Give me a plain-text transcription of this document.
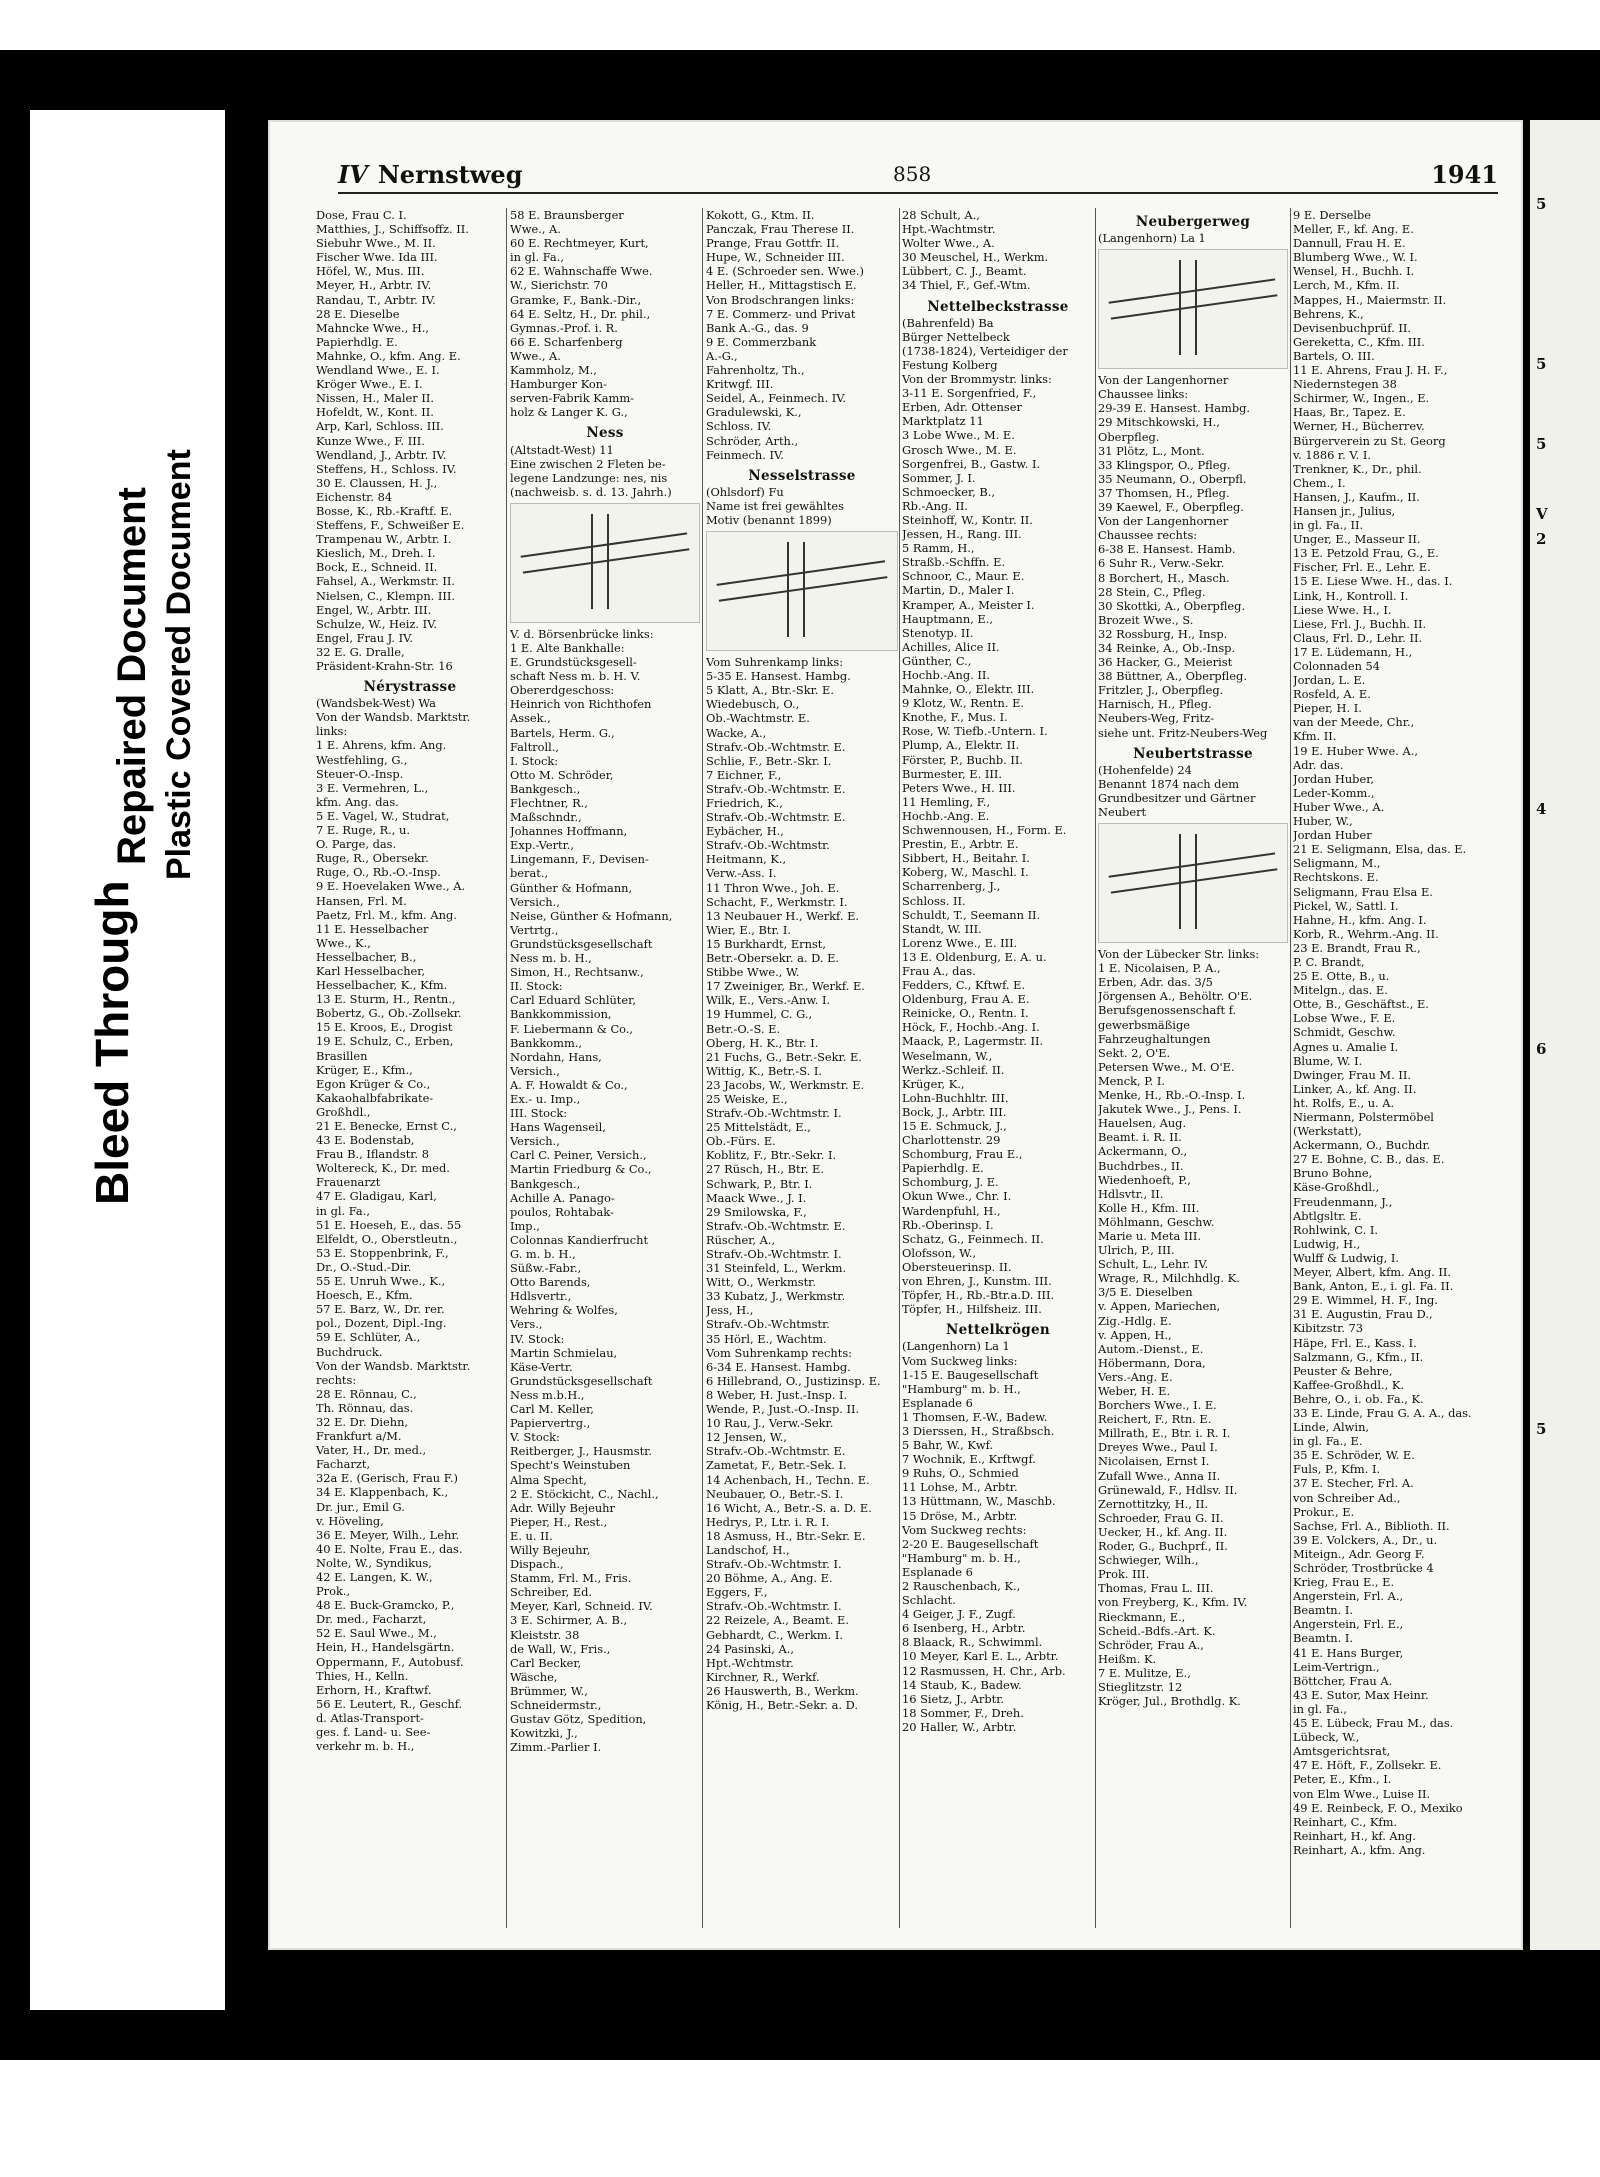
Bleed Through
Repaired Document Plastic Covered Document
5
5
5
V
2
4
6
5
IV Nernstweg	858	1941
Dose, Frau C. I.
Matthies, J., Schiffsoffz. II.
Siebuhr Wwe., M. II.
Fischer Wwe. Ida III.
Höfel, W., Mus. III.
Meyer, H., Arbtr. IV.
Randau, T., Arbtr. IV.
28 E. Dieselbe
Mahncke Wwe., H.,
Papierhdlg. E.
Mahnke, O., kfm. Ang. E.
Wendland Wwe., E. I.
Kröger Wwe., E. I.
Nissen, H., Maler II.
Hofeldt, W., Kont. II.
Arp, Karl, Schloss. III.
Kunze Wwe., F. III.
Wendland, J., Arbtr. IV.
Steffens, H., Schloss. IV.
30 E. Claussen, H. J.,
Eichenstr. 84
Bosse, K., Rb.-Kraftf. E.
Steffens, F., Schweißer E.
Trampenau W., Arbtr. I.
Kieslich, M., Dreh. I.
Bock, E., Schneid. II.
Fahsel, A., Werkmstr. II.
Nielsen, C., Klempn. III.
Engel, W., Arbtr. III.
Schulze, W., Heiz. IV.
Engel, Frau J. IV.
32 E. G. Dralle,
Präsident-Krahn-Str. 16
Nérystrasse
(Wandsbek-West) Wa
Von der Wandsb. Marktstr.
links:
1 E. Ahrens, kfm. Ang.
Westfehling, G.,
Steuer-O.-Insp.
3 E. Vermehren, L.,
kfm. Ang. das.
5 E. Vagel, W., Studrat,
7 E. Ruge, R., u.
O. Parge, das.
Ruge, R., Obersekr.
Ruge, O., Rb.-O.-Insp.
9 E. Hoevelaken Wwe., A.
Hansen, Frl. M.
Paetz, Frl. M., kfm. Ang.
11 E. Hesselbacher
Wwe., K.,
Hesselbacher, B.,
Karl Hesselbacher,
Hesselbacher, K., Kfm.
13 E. Sturm, H., Rentn.,
Bobertz, G., Ob.-Zollsekr.
15 E. Kroos, E., Drogist
19 E. Schulz, C., Erben,
Brasillen
Krüger, E., Kfm.,
Egon Krüger & Co.,
Kakaohalbfabrikate-
Großhdl.,
21 E. Benecke, Ernst C.,
43 E. Bodenstab,
Frau B., Iflandstr. 8
Woltereck, K., Dr. med.
Frauenarzt
47 E. Gladigau, Karl,
in gl. Fa.,
51 E. Hoeseh, E., das. 55
Elfeldt, O., Oberstleutn.,
53 E. Stoppenbrink, F.,
Dr., O.-Stud.-Dir.
55 E. Unruh Wwe., K.,
Hoesch, E., Kfm.
57 E. Barz, W., Dr. rer.
pol., Dozent, Dipl.-Ing.
59 E. Schlüter, A.,
Buchdruck.
Von der Wandsb. Marktstr.
rechts:
28 E. Rönnau, C.,
Th. Rönnau, das.
32 E. Dr. Diehn,
Frankfurt a/M.
Vater, H., Dr. med.,
Facharzt,
32a E. (Gerisch, Frau F.)
34 E. Klappenbach, K.,
Dr. jur., Emil G.
v. Höveling,
36 E. Meyer, Wilh., Lehr.
40 E. Nolte, Frau E., das.
Nolte, W., Syndikus,
42 E. Langen, K. W.,
Prok.,
48 E. Buck-Gramcko, P.,
Dr. med., Facharzt,
52 E. Saul Wwe., M.,
Hein, H., Handelsgärtn.
Oppermann, F., Autobusf.
Thies, H., Kelln.
Erhorn, H., Kraftwf.
56 E. Leutert, R., Geschf.
d. Atlas-Transport-
ges. f. Land- u. See-
verkehr m. b. H.,
58 E. Braunsberger
Wwe., A.
60 E. Rechtmeyer, Kurt,
in gl. Fa.,
62 E. Wahnschaffe Wwe.
W., Sierichstr. 70
Gramke, F., Bank.-Dir.,
64 E. Seltz, H., Dr. phil.,
Gymnas.-Prof. i. R.
66 E. Scharfenberg
Wwe., A.
Kammholz, M.,
Hamburger Kon-
serven-Fabrik Kamm-
holz & Langer K. G.,
Ness
(Altstadt-West) 11
Eine zwischen 2 Fleten be-
legene Landzunge: nes, nis
(nachweisb. s. d. 13. Jahrh.)
V. d. Börsenbrücke links:
1 E. Alte Bankhalle:
E. Grundstücksgesell-
schaft Ness m. b. H. V.
Obererdgeschoss:
Heinrich von Richthofen
Assek.,
Bartels, Herm. G.,
Faltroll.,
I. Stock:
Otto M. Schröder,
Bankgesch.,
Flechtner, R.,
Maßschndr.,
Johannes Hoffmann,
Exp.-Vertr.,
Lingemann, F., Devisen-
berat.,
Günther & Hofmann,
Versich.,
Neise, Günther & Hofmann,
Vertrtg.,
Grundstücksgesellschaft
Ness m. b. H.,
Simon, H., Rechtsanw.,
II. Stock:
Carl Eduard Schlüter,
Bankkommission,
F. Liebermann & Co.,
Bankkomm.,
Nordahn, Hans,
Versich.,
A. F. Howaldt & Co.,
Ex.- u. Imp.,
III. Stock:
Hans Wagenseil,
Versich.,
Carl C. Peiner, Versich.,
Martin Friedburg & Co.,
Bankgesch.,
Achille A. Panago-
poulos, Rohtabak-
Imp.,
Colonnas Kandierfrucht
G. m. b. H.,
Süßw.-Fabr.,
Otto Barends,
Hdlsvertr.,
Wehring & Wolfes,
Vers.,
IV. Stock:
Martin Schmielau,
Käse-Vertr.
Grundstücksgesellschaft
Ness m.b.H.,
Carl M. Keller,
Papiervertrg.,
V. Stock:
Reitberger, J., Hausmstr.
Specht's Weinstuben
Alma Specht,
2 E. Stöckicht, C., Nachl.,
Adr. Willy Bejeuhr
Pieper, H., Rest.,
E. u. II.
Willy Bejeuhr,
Dispach.,
Stamm, Frl. M., Fris.
Schreiber, Ed.
Meyer, Karl, Schneid. IV.
3 E. Schirmer, A. B.,
Kleiststr. 38
de Wall, W., Fris.,
Carl Becker,
Wäsche,
Brümmer, W.,
Schneidermstr.,
Gustav Götz, Spedition,
Kowitzki, J.,
Zimm.-Parlier I.
Kokott, G., Ktm. II.
Panczak, Frau Therese II.
Prange, Frau Gottfr. II.
Hupe, W., Schneider III.
4 E. (Schroeder sen. Wwe.)
Heller, H., Mittagstisch E.
Von Brodschrangen links:
7 E. Commerz- und Privat
Bank A.-G., das. 9
9 E. Commerzbank
A.-G.,
Fahrenholtz, Th.,
Kritwgf. III.
Seidel, A., Feinmech. IV.
Gradulewski, K.,
Schloss. IV.
Schröder, Arth.,
Feinmech. IV.
Nesselstrasse
(Ohlsdorf) Fu
Name ist frei gewähltes
Motiv (benannt 1899)
Vom Suhrenkamp links:
5-35 E. Hansest. Hambg.
5 Klatt, A., Btr.-Skr. E.
Wiedebusch, O.,
Ob.-Wachtmstr. E.
Wacke, A.,
Strafv.-Ob.-Wchtmstr. E.
Schlie, F., Betr.-Skr. I.
7 Eichner, F.,
Strafv.-Ob.-Wchtmstr. E.
Friedrich, K.,
Strafv.-Ob.-Wchtmstr. E.
Eybächer, H.,
Strafv.-Ob.-Wchtmstr.
Heitmann, K.,
Verw.-Ass. I.
11 Thron Wwe., Joh. E.
Schacht, F., Werkmstr. I.
13 Neubauer H., Werkf. E.
Wier, E., Btr. I.
15 Burkhardt, Ernst,
Betr.-Obersekr. a. D. E.
Stibbe Wwe., W.
17 Zweiniger, Br., Werkf. E.
Wilk, E., Vers.-Anw. I.
19 Hummel, C. G.,
Betr.-O.-S. E.
Oberg, H. K., Btr. I.
21 Fuchs, G., Betr.-Sekr. E.
Wittig, K., Betr.-S. I.
23 Jacobs, W., Werkmstr. E.
25 Weiske, E.,
Strafv.-Ob.-Wchtmstr. I.
25 Mittelstädt, E.,
Ob.-Fürs. E.
Koblitz, F., Btr.-Sekr. I.
27 Rüsch, H., Btr. E.
Schwark, P., Btr. I.
Maack Wwe., J. I.
29 Smilowska, F.,
Strafv.-Ob.-Wchtmstr. E.
Rüscher, A.,
Strafv.-Ob.-Wchtmstr. I.
31 Steinfeld, L., Werkm.
Witt, O., Werkmstr.
33 Kubatz, J., Werkmstr.
Jess, H.,
Strafv.-Ob.-Wchtmstr.
35 Hörl, E., Wachtm.
Vom Suhrenkamp rechts:
6-34 E. Hansest. Hambg.
6 Hillebrand, O., Justizinsp. E.
8 Weber, H. Just.-Insp. I.
Wende, P., Just.-O.-Insp. II.
10 Rau, J., Verw.-Sekr.
12 Jensen, W.,
Strafv.-Ob.-Wchtmstr. E.
Zametat, F., Betr.-Sek. I.
14 Achenbach, H., Techn. E.
Neubauer, O., Betr.-S. I.
16 Wicht, A., Betr.-S. a. D. E.
Hedrys, P., Ltr. i. R. I.
18 Asmuss, H., Btr.-Sekr. E.
Landschof, H.,
Strafv.-Ob.-Wchtmstr. I.
20 Böhme, A., Ang. E.
Eggers, F.,
Strafv.-Ob.-Wchtmstr. I.
22 Reizele, A., Beamt. E.
Gebhardt, C., Werkm. I.
24 Pasinski, A.,
Hpt.-Wchtmstr.
Kirchner, R., Werkf.
26 Hauswerth, B., Werkm.
König, H., Betr.-Sekr. a. D.
28 Schult, A.,
Hpt.-Wachtmstr.
Wolter Wwe., A.
30 Meuschel, H., Werkm.
Lübbert, C. J., Beamt.
34 Thiel, F., Gef.-Wtm.
Nettelbeckstrasse
(Bahrenfeld) Ba
Bürger Nettelbeck
(1738-1824), Verteidiger der
Festung Kolberg
Von der Brommystr. links:
3-11 E. Sorgenfried, F.,
Erben, Adr. Ottenser
Marktplatz 11
3 Lobe Wwe., M. E.
Grosch Wwe., M. E.
Sorgenfrei, B., Gastw. I.
Sommer, J. I.
Schmoecker, B.,
Rb.-Ang. II.
Steinhoff, W., Kontr. II.
Jessen, H., Rang. III.
5 Ramm, H.,
Straßb.-Schffn. E.
Schnoor, C., Maur. E.
Martin, D., Maler I.
Kramper, A., Meister I.
Hauptmann, E.,
Stenotyp. II.
Achilles, Alice II.
Günther, C.,
Hochb.-Ang. II.
Mahnke, O., Elektr. III.
9 Klotz, W., Rentn. E.
Knothe, F., Mus. I.
Rose, W. Tiefb.-Untern. I.
Plump, A., Elektr. II.
Förster, P., Buchb. II.
Burmester, E. III.
Peters Wwe., H. III.
11 Hemling, F.,
Hochb.-Ang. E.
Schwennousen, H., Form. E.
Prestin, E., Arbtr. E.
Sibbert, H., Beitahr. I.
Koberg, W., Maschl. I.
Scharrenberg, J.,
Schloss. II.
Schuldt, T., Seemann II.
Standt, W. III.
Lorenz Wwe., E. III.
13 E. Oldenburg, E. A. u.
Frau A., das.
Fedders, C., Kftwf. E.
Oldenburg, Frau A. E.
Reinicke, O., Rentn. I.
Höck, F., Hochb.-Ang. I.
Maack, P., Lagermstr. II.
Weselmann, W.,
Werkz.-Schleif. II.
Krüger, K.,
Lohn-Buchhltr. III.
Bock, J., Arbtr. III.
15 E. Schmuck, J.,
Charlottenstr. 29
Schomburg, Frau E.,
Papierhdlg. E.
Schomburg, J. E.
Okun Wwe., Chr. I.
Wardenpfuhl, H.,
Rb.-Oberinsp. I.
Schatz, G., Feinmech. II.
Olofsson, W.,
Obersteuerinsp. II.
von Ehren, J., Kunstm. III.
Töpfer, H., Rb.-Btr.a.D. III.
Töpfer, H., Hilfsheiz. III.
Nettelkrögen
(Langenhorn) La 1
Vom Suckweg links:
1-15 E. Baugesellschaft
"Hamburg" m. b. H.,
Esplanade 6
1 Thomsen, F.-W., Badew.
3 Dierssen, H., Straßbsch.
5 Bahr, W., Kwf.
7 Wochnik, E., Krftwgf.
9 Ruhs, O., Schmied
11 Lohse, M., Arbtr.
13 Hüttmann, W., Maschb.
15 Dröse, M., Arbtr.
Vom Suckweg rechts:
2-20 E. Baugesellschaft
"Hamburg" m. b. H.,
Esplanade 6
2 Rauschenbach, K.,
Schlacht.
4 Geiger, J. F., Zugf.
6 Isenberg, H., Arbtr.
8 Blaack, R., Schwimml.
10 Meyer, Karl E. L., Arbtr.
12 Rasmussen, H. Chr., Arb.
14 Staub, K., Badew.
16 Sietz, J., Arbtr.
18 Sommer, F., Dreh.
20 Haller, W., Arbtr.
Neubergerweg
(Langenhorn) La 1
Von der Langenhorner
Chaussee links:
29-39 E. Hansest. Hambg.
29 Mitschkowski, H.,
Oberpfleg.
31 Plötz, L., Mont.
33 Klingspor, O., Pfleg.
35 Neumann, O., Oberpfl.
37 Thomsen, H., Pfleg.
39 Kaewel, F., Oberpfleg.
Von der Langenhorner
Chaussee rechts:
6-38 E. Hansest. Hamb.
6 Suhr R., Verw.-Sekr.
8 Borchert, H., Masch.
28 Stein, C., Pfleg.
30 Skottki, A., Oberpfleg.
Brozeit Wwe., S.
32 Rossburg, H., Insp.
34 Reinke, A., Ob.-Insp.
36 Hacker, G., Meierist
38 Büttner, A., Oberpfleg.
Fritzler, J., Oberpfleg.
Harnisch, H., Pfleg.
Neubers-Weg, Fritz-
siehe unt. Fritz-Neubers-Weg
Neubertstrasse
(Hohenfelde) 24
Benannt 1874 nach dem
Grundbesitzer und Gärtner
Neubert
Von der Lübecker Str. links:
1 E. Nicolaisen, P. A.,
Erben, Adr. das. 3/5
Jörgensen A., Behöltr. O'E.
Berufsgenossenschaft f.
gewerbsmäßige
Fahrzeughaltungen
Sekt. 2, O'E.
Petersen Wwe., M. O'E.
Menck, P. I.
Menke, H., Rb.-O.-Insp. I.
Jakutek Wwe., J., Pens. I.
Hauelsen, Aug.
Beamt. i. R. II.
Ackermann, O.,
Buchdrbes., II.
Wiedenhoeft, P.,
Hdlsvtr., II.
Kolle H., Kfm. III.
Möhlmann, Geschw.
Marie u. Meta III.
Ulrich, P., III.
Schult, L., Lehr. IV.
Wrage, R., Milchhdlg. K.
3/5 E. Dieselben
v. Appen, Mariechen,
Zig.-Hdlg. E.
v. Appen, H.,
Autom.-Dienst., E.
Höbermann, Dora,
Vers.-Ang. E.
Weber, H. E.
Borchers Wwe., I. E.
Reichert, F., Rtn. E.
Millrath, E., Btr. i. R. I.
Dreyes Wwe., Paul I.
Nicolaisen, Ernst I.
Zufall Wwe., Anna II.
Grünewald, F., Hdlsv. II.
Zernottitzky, H., II.
Schroeder, Frau G. II.
Uecker, H., kf. Ang. II.
Roder, G., Buchprf., II.
Schwieger, Wilh.,
Prok. III.
Thomas, Frau L. III.
von Freyberg, K., Kfm. IV.
Rieckmann, E.,
Scheid.-Bdfs.-Art. K.
Schröder, Frau A.,
Heißm. K.
7 E. Mulitze, E.,
Stieglitzstr. 12
Kröger, Jul., Brothdlg. K.
9 E. Derselbe
Meller, F., kf. Ang. E.
Dannull, Frau H. E.
Blumberg Wwe., W. I.
Wensel, H., Buchh. I.
Lerch, M., Kfm. II.
Mappes, H., Maiermstr. II.
Behrens, K.,
Devisenbuchprüf. II.
Gereketta, C., Kfm. III.
Bartels, O. III.
11 E. Ahrens, Frau J. H. F.,
Niedernstegen 38
Schirmer, W., Ingen., E.
Haas, Br., Tapez. E.
Werner, H., Bücherrev.
Bürgerverein zu St. Georg
v. 1886 r. V. I.
Trenkner, K., Dr., phil.
Chem., I.
Hansen, J., Kaufm., II.
Hansen jr., Julius,
in gl. Fa., II.
Unger, E., Masseur II.
13 E. Petzold Frau, G., E.
Fischer, Frl. E., Lehr. E.
15 E. Liese Wwe. H., das. I.
Link, H., Kontroll. I.
Liese Wwe. H., I.
Liese, Frl. J., Buchh. II.
Claus, Frl. D., Lehr. II.
17 E. Lüdemann, H.,
Colonnaden 54
Jordan, L. E.
Rosfeld, A. E.
Pieper, H. I.
van der Meede, Chr.,
Kfm. II.
19 E. Huber Wwe. A.,
Adr. das.
Jordan Huber,
Leder-Komm.,
Huber Wwe., A.
Huber, W.,
Jordan Huber
21 E. Seligmann, Elsa, das. E.
Seligmann, M.,
Rechtskons. E.
Seligmann, Frau Elsa E.
Pickel, W., Sattl. I.
Hahne, H., kfm. Ang. I.
Korb, R., Wehrm.-Ang. II.
23 E. Brandt, Frau R.,
P. C. Brandt,
25 E. Otte, B., u.
Mitelgn., das. E.
Otte, B., Geschäftst., E.
Lobse Wwe., F. E.
Schmidt, Geschw.
Agnes u. Amalie I.
Blume, W. I.
Dwinger, Frau M. II.
Linker, A., kf. Ang. II.
ht. Rolfs, E., u. A.
Niermann, Polstermöbel
(Werkstatt),
Ackermann, O., Buchdr.
27 E. Bohne, C. B., das. E.
Bruno Bohne,
Käse-Großhdl.,
Freudenmann, J.,
Abtlgsltr. E.
Rohlwink, C. I.
Ludwig, H.,
Wulff & Ludwig, I.
Meyer, Albert, kfm. Ang. II.
Bank, Anton, E., i. gl. Fa. II.
29 E. Wimmel, H. F., Ing.
31 E. Augustin, Frau D.,
Kibitzstr. 73
Häpe, Frl. E., Kass. I.
Salzmann, G., Kfm., II.
Peuster & Behre,
Kaffee-Großhdl., K.
Behre, O., i. ob. Fa., K.
33 E. Linde, Frau G. A. A., das.
Linde, Alwin,
in gl. Fa., E.
35 E. Schröder, W. E.
Fuls, P., Kfm. I.
37 E. Stecher, Frl. A.
von Schreiber Ad.,
Prokur., E.
Sachse, Frl. A., Biblioth. II.
39 E. Volckers, A., Dr., u.
Miteign., Adr. Georg F.
Schröder, Trostbrücke 4
Krieg, Frau E., E.
Angerstein, Frl. A.,
Beamtn. I.
Angerstein, Frl. E.,
Beamtn. I.
41 E. Hans Burger,
Leim-Vertrign.,
Böttcher, Frau A.
43 E. Sutor, Max Heinr.
in gl. Fa.,
45 E. Lübeck, Frau M., das.
Lübeck, W.,
Amtsgerichtsrat,
47 E. Höft, F., Zollsekr. E.
Peter, E., Kfm., I.
von Elm Wwe., Luise II.
49 E. Reinbeck, F. O., Mexiko
Reinhart, C., Kfm.
Reinhart, H., kf. Ang.
Reinhart, A., kfm. Ang.
